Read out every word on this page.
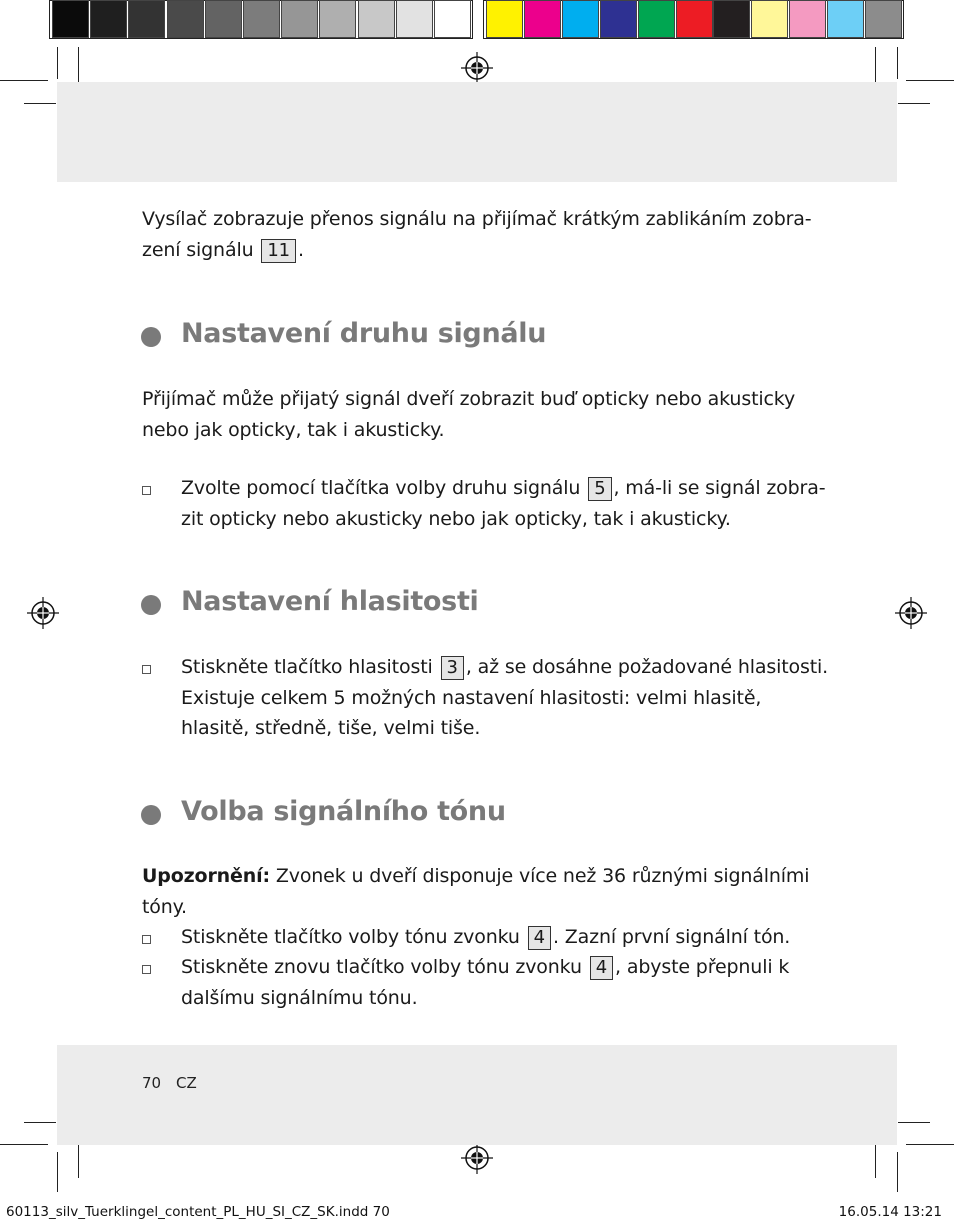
Vysílač zobrazuje přenos signálu na přijímač krátkým zablikáním zobra-zení signálu 11 .
Nastavení druhu signálu
Přijímač může přijatý signál dveří zobrazit buď opticky nebo akusticky nebo jak opticky, tak i akusticky.
Zvolte pomocí tlačítka volby druhu signálu 5 , má-li se signál zobra-zit opticky nebo akusticky nebo jak opticky, tak i akusticky.
Nastavení hlasitosti
Stiskněte tlačítko hlasitosti 3 , až se dosáhne požadované hlasitosti. Existuje celkem 5 možných nastavení hlasitosti: velmi hlasitě, hlasitě, středně, tiše, velmi tiše.
Volba signálního tónu
Upozornění: Zvonek u dveří disponuje více než 36 různými signálními tóny.
Stiskněte tlačítko volby tónu zvonku 4 . Zazní první signální tón.
Stiskněte znovu tlačítko volby tónu zvonku 4 , abyste přepnuli k dalšímu signálnímu tónu.
70 CZ
60113_silv_Tuerklingel_content_PL_HU_SI_CZ_SK.indd 70	16.05.14 13:21
